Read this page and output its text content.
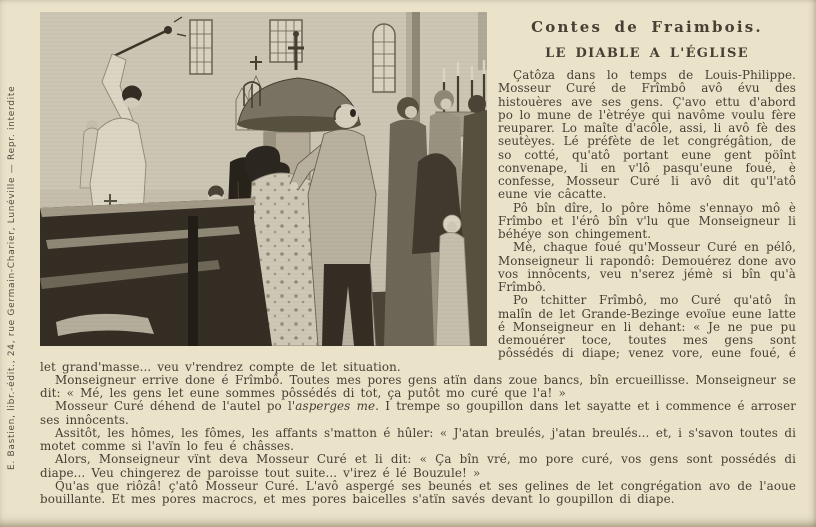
E. Bastien, libr.-édit., 24, rue Germain-Charier, Lunéville — Repr. interdite
Contes de Fraimbois.
LE DIABLE A L'ÉGLISE

Çatôza dans lo temps de Louis-Philippe. Mosseur Curé de Frîmbô avô évu des histouères ave ses gens. Ç'avo ettu d'abord po lo mune de l'ètréye qui navôme voulu fère reuparer. Lo maîte d'acôle, assi, li avô fè des seutèyes. Lé préfète de let congrégâtion, de so cotté, qu'atô portant eune gent pöînt convenape, li en v'lô pasqu'eune foué, è confesse, Mosseur Curé li avô dit qu'l'atô eune vie câcatte.

Pô bîn dîre, lo pôre hôme s'ennayo mô è Frîmbo et l'érô bîn v'lu que Monseigneur li béhéye son chingement.

Mè, chaque foué qu'Mosseur Curé en pélô, Monseigneur li rapondô: Demouérez done avo vos innôcents, veu n'serez jémè si bîn qu'à Frîmbô.

Po tchitter Frîmbô, mo Curé qu'atô în malîn de let Grande-Bezinge evoïue eune latte é Monseigneur en li dehant: « Je ne pue pu demouérer toce, toutes mes gens sont pôssédés di diape; venez vore, eune foué, é let grand'masse... veu v'rendrez compte de let situation.

Monseigneur errive done é Frîmbô. Toutes mes pores gens atïn dans zoue bancs, bîn ercueillisse. Monseigneur se dit: « Mé, les gens let eune sommes pôssédés di tot, ça putôt mo curé que l'a! »

Mosseur Curé déhend de l'autel po l'asperges me. I trempe so goupillon dans let sayatte et i commence é arroser ses innôcents.

Assitôt, les hômes, les fômes, les affants s'matton é hûler: « J'atan breulés, j'atan breulés... et, i s'savon toutes di motet comme si l'avïn lo feu é châsses.

Alors, Monseigneur vïnt deva Mosseur Curé et li dit: « Ça bîn vré, mo pore curé, vos gens sont possédés di diape... Veu chingerez de paroisse tout suite... v'irez é lé Bouzule! »

Qu'as que riôzâ! ç'atô Mosseur Curé. L'avô aspergé ses beunés et ses gelines de let congrégation avo de l'aoue bouillante. Et mes pores macrocs, et mes pores baicelles s'atïn savés devant lo goupillon di diape.
